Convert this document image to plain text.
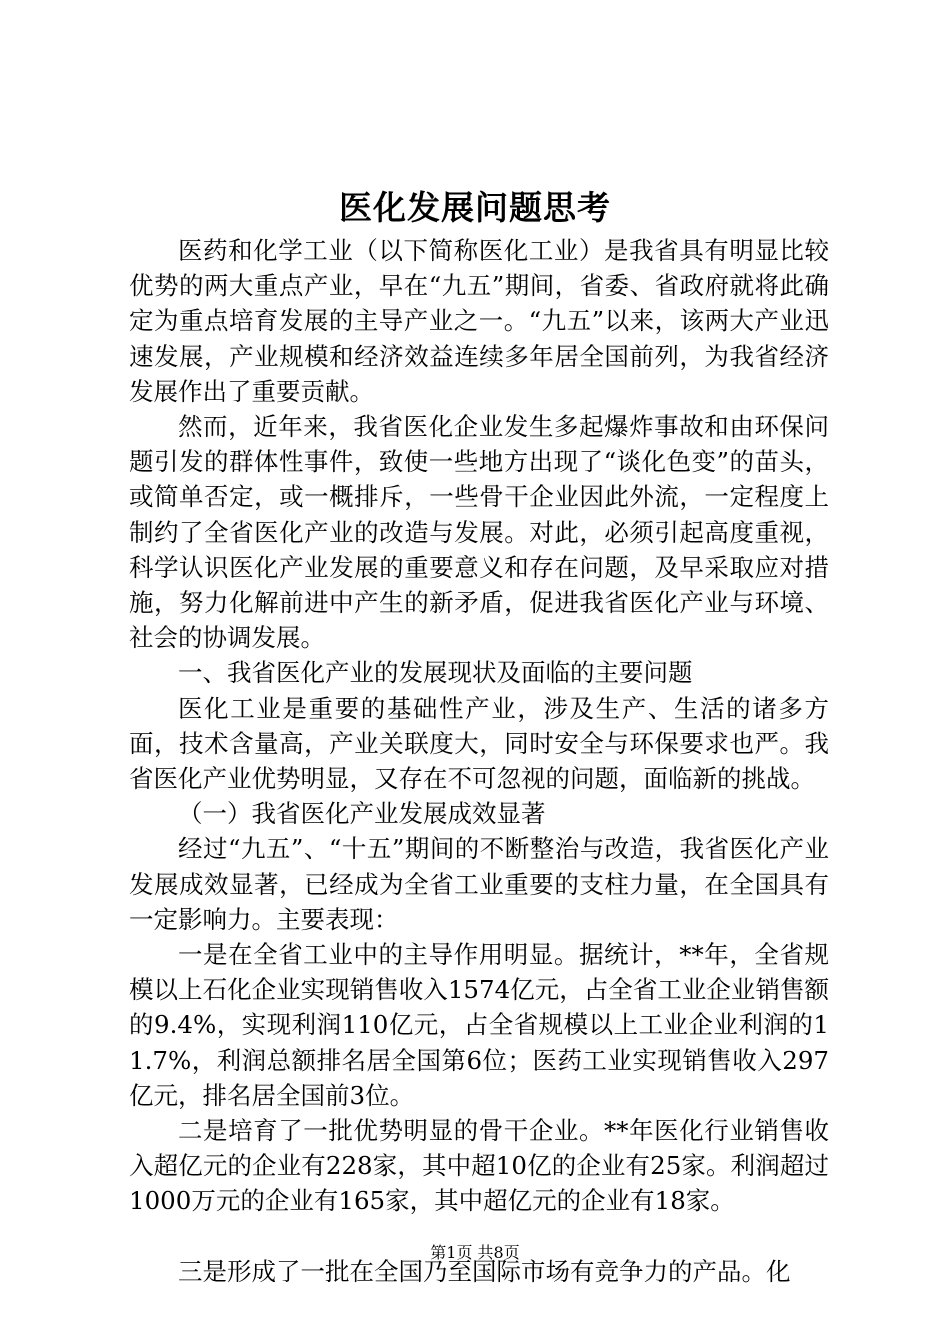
医化发展问题思考

医药和化学工业（以下简称医化工业）是我省具有明显比较优势的两大重点产业，早在“九五”期间，省委、省政府就将此确定为重点培育发展的主导产业之一。“九五”以来，该两大产业迅速发展，产业规模和经济效益连续多年居全国前列，为我省经济发展作出了重要贡献。

然而，近年来，我省医化企业发生多起爆炸事故和由环保问题引发的群体性事件，致使一些地方出现了“谈化色变”的苗头，或简单否定，或一概排斥，一些骨干企业因此外流，一定程度上制约了全省医化产业的改造与发展。对此，必须引起高度重视，科学认识医化产业发展的重要意义和存在问题，及早采取应对措施，努力化解前进中产生的新矛盾，促进我省医化产业与环境、社会的协调发展。

一、我省医化产业的发展现状及面临的主要问题

医化工业是重要的基础性产业，涉及生产、生活的诸多方面，技术含量高，产业关联度大，同时安全与环保要求也严。我省医化产业优势明显，又存在不可忽视的问题，面临新的挑战。

（一）我省医化产业发展成效显著

经过“九五”、“十五”期间的不断整治与改造，我省医化产业发展成效显著，已经成为全省工业重要的支柱力量，在全国具有一定影响力。主要表现：

一是在全省工业中的主导作用明显。据统计，**年，全省规模以上石化企业实现销售收入1574亿元，占全省工业企业销售额的9.4%，实现利润110亿元，占全省规模以上工业企业利润的11.7%，利润总额排名居全国第6位；医药工业实现销售收入297亿元，排名居全国前3位。

二是培育了一批优势明显的骨干企业。**年医化行业销售收入超亿元的企业有228家，其中超10亿的企业有25家。利润超过1000万元的企业有165家，其中超亿元的企业有18家。

三是形成了一批在全国乃至国际市场有竞争力的产品。化

第1页 共8页
